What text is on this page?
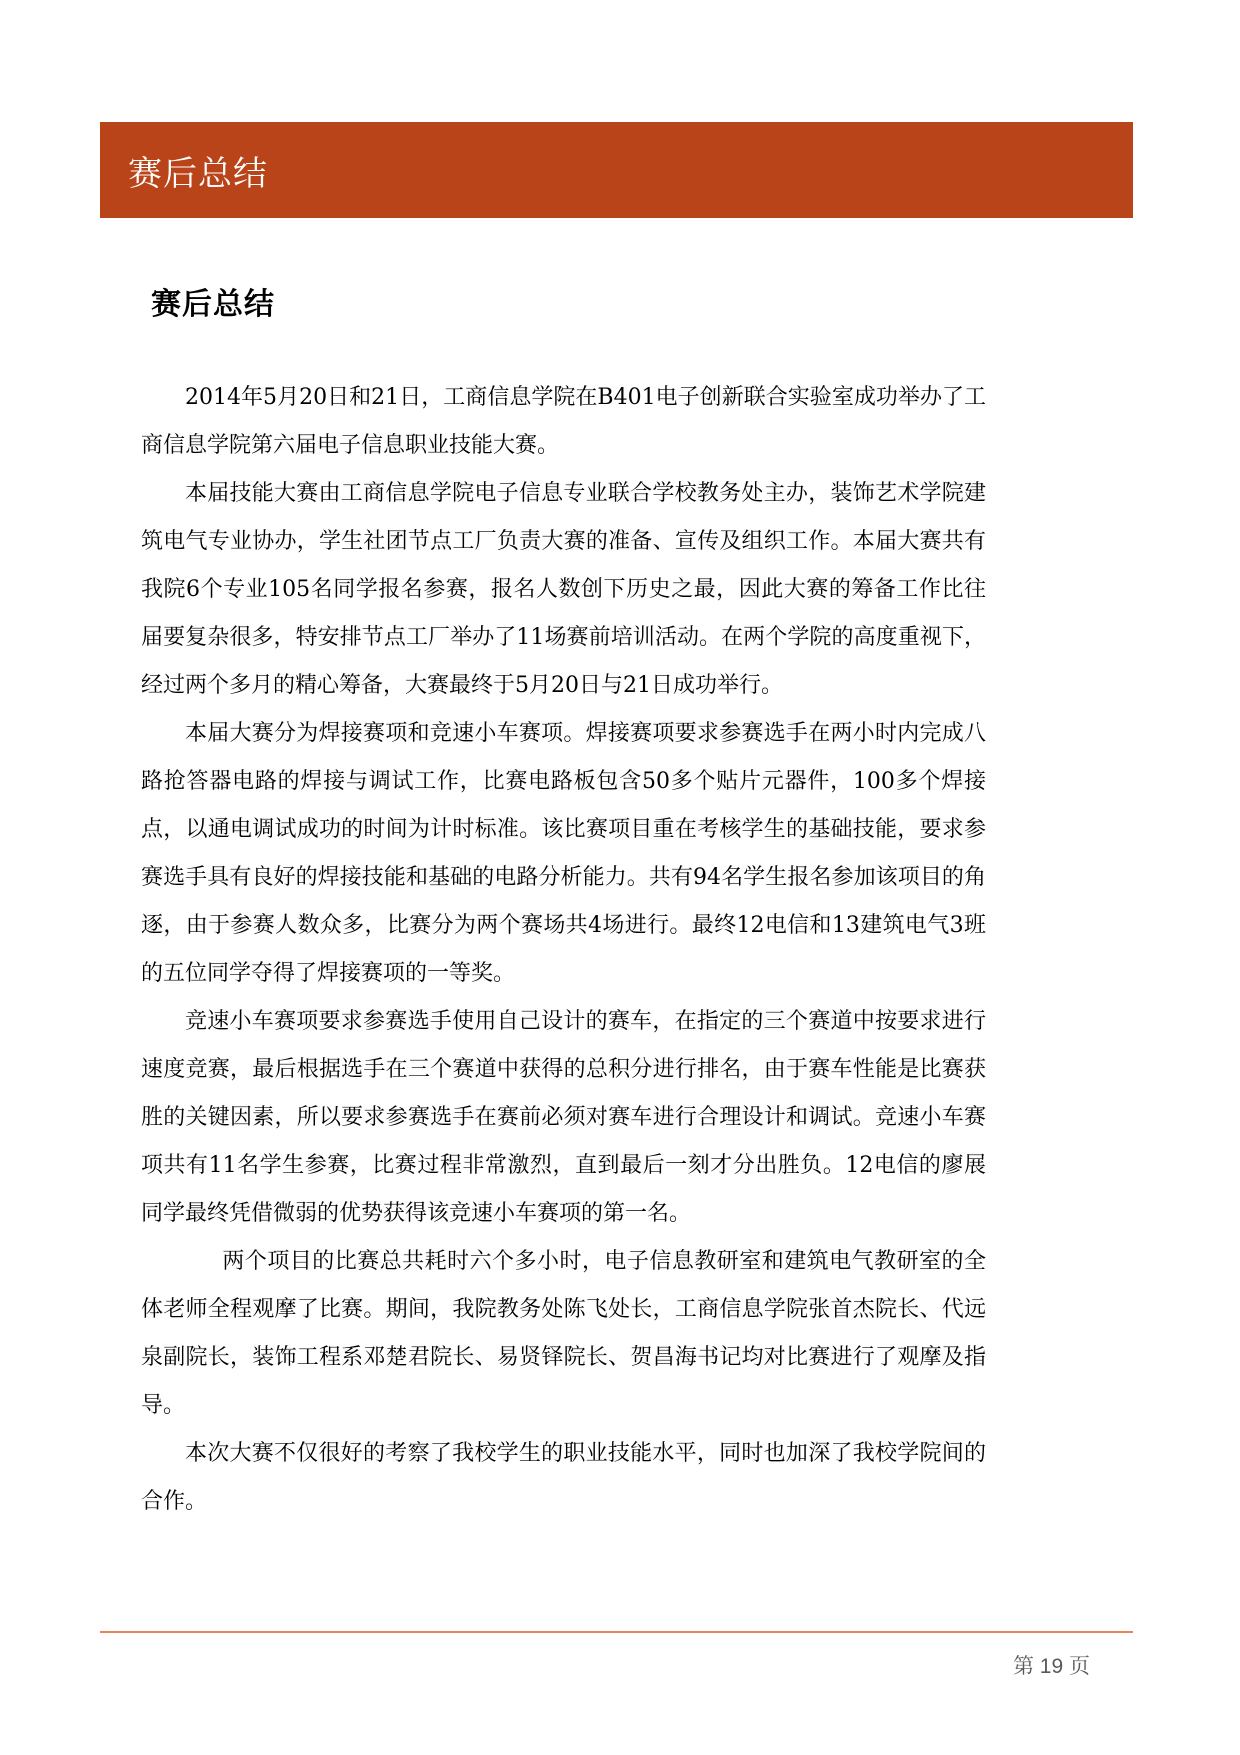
赛后总结
赛后总结

2014年5月20日和21日，工商信息学院在B401电子创新联合实验室成功举办了工商信息学院第六届电子信息职业技能大赛。

本届技能大赛由工商信息学院电子信息专业联合学校教务处主办，装饰艺术学院建筑电气专业协办，学生社团节点工厂负责大赛的准备、宣传及组织工作。本届大赛共有我院6个专业105名同学报名参赛，报名人数创下历史之最，因此大赛的筹备工作比往届要复杂很多，特安排节点工厂举办了11场赛前培训活动。在两个学院的高度重视下，经过两个多月的精心筹备，大赛最终于5月20日与21日成功举行。

本届大赛分为焊接赛项和竞速小车赛项。焊接赛项要求参赛选手在两小时内完成八路抢答器电路的焊接与调试工作，比赛电路板包含50多个贴片元器件，100多个焊接点，以通电调试成功的时间为计时标准。该比赛项目重在考核学生的基础技能，要求参赛选手具有良好的焊接技能和基础的电路分析能力。共有94名学生报名参加该项目的角逐，由于参赛人数众多，比赛分为两个赛场共4场进行。最终12电信和13建筑电气3班的五位同学夺得了焊接赛项的一等奖。

竞速小车赛项要求参赛选手使用自己设计的赛车，在指定的三个赛道中按要求进行速度竞赛，最后根据选手在三个赛道中获得的总积分进行排名，由于赛车性能是比赛获胜的关键因素，所以要求参赛选手在赛前必须对赛车进行合理设计和调试。竞速小车赛项共有11名学生参赛，比赛过程非常激烈，直到最后一刻才分出胜负。12电信的廖展同学最终凭借微弱的优势获得该竞速小车赛项的第一名。

两个项目的比赛总共耗时六个多小时，电子信息教研室和建筑电气教研室的全体老师全程观摩了比赛。期间，我院教务处陈飞处长，工商信息学院张首杰院长、代远泉副院长，装饰工程系邓楚君院长、易贤铎院长、贺昌海书记均对比赛进行了观摩及指导。

本次大赛不仅很好的考察了我校学生的职业技能水平，同时也加深了我校学院间的合作。

第 19 页
